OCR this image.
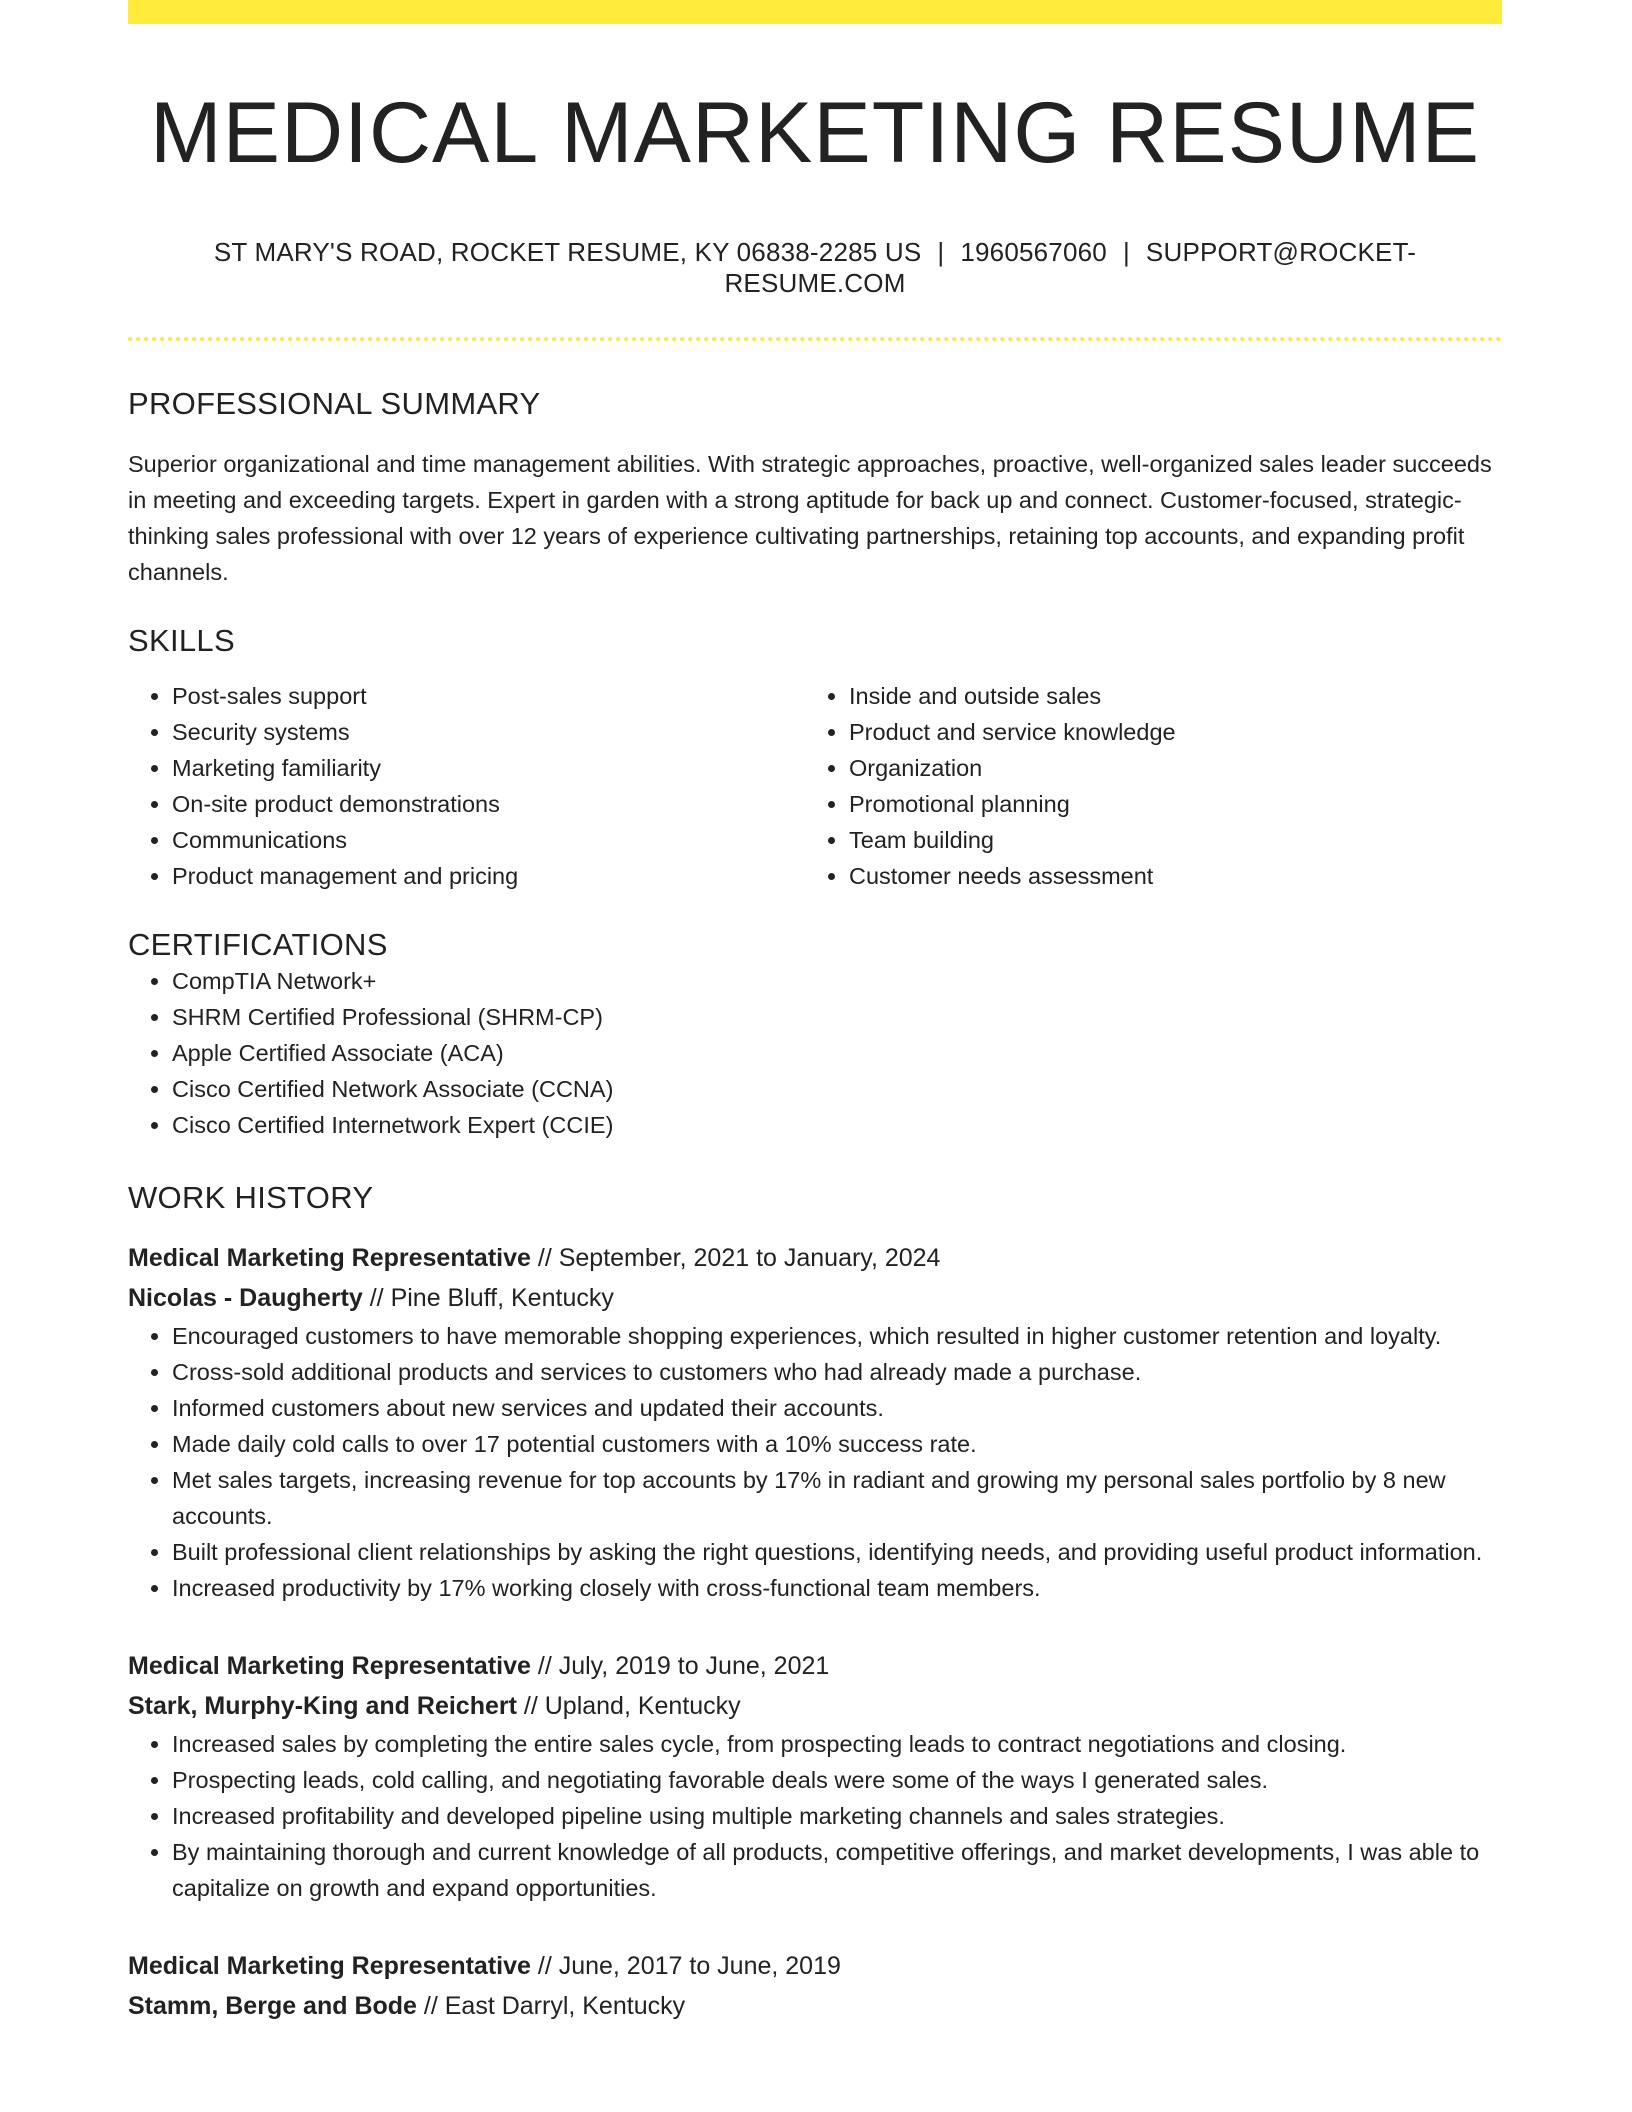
MEDICAL MARKETING RESUME
ST MARY'S ROAD, ROCKET RESUME, KY 06838-2285 US | 1960567060 | SUPPORT@ROCKET-RESUME.COM
PROFESSIONAL SUMMARY

Superior organizational and time management abilities. With strategic approaches, proactive, well-organized sales leader succeeds in meeting and exceeding targets. Expert in garden with a strong aptitude for back up and connect. Customer-focused, strategic-thinking sales professional with over 12 years of experience cultivating partnerships, retaining top accounts, and expanding profit channels.

SKILLS
• Post-sales support
• Security systems
• Marketing familiarity
• On-site product demonstrations
• Communications
• Product management and pricing
• Inside and outside sales
• Product and service knowledge
• Organization
• Promotional planning
• Team building
• Customer needs assessment
CERTIFICATIONS
• CompTIA Network+
• SHRM Certified Professional (SHRM-CP)
• Apple Certified Associate (ACA)
• Cisco Certified Network Associate (CCNA)
• Cisco Certified Internetwork Expert (CCIE)
WORK HISTORY
Medical Marketing Representative // September, 2021 to January, 2024
Nicolas - Daugherty // Pine Bluff, Kentucky
• Encouraged customers to have memorable shopping experiences, which resulted in higher customer retention and loyalty.
• Cross-sold additional products and services to customers who had already made a purchase.
• Informed customers about new services and updated their accounts.
• Made daily cold calls to over 17 potential customers with a 10% success rate.
• Met sales targets, increasing revenue for top accounts by 17% in radiant and growing my personal sales portfolio by 8 new accounts.
• Built professional client relationships by asking the right questions, identifying needs, and providing useful product information.
• Increased productivity by 17% working closely with cross-functional team members.
Medical Marketing Representative // July, 2019 to June, 2021
Stark, Murphy-King and Reichert // Upland, Kentucky
• Increased sales by completing the entire sales cycle, from prospecting leads to contract negotiations and closing.
• Prospecting leads, cold calling, and negotiating favorable deals were some of the ways I generated sales.
• Increased profitability and developed pipeline using multiple marketing channels and sales strategies.
• By maintaining thorough and current knowledge of all products, competitive offerings, and market developments, I was able to capitalize on growth and expand opportunities.
Medical Marketing Representative // June, 2017 to June, 2019
Stamm, Berge and Bode // East Darryl, Kentucky
